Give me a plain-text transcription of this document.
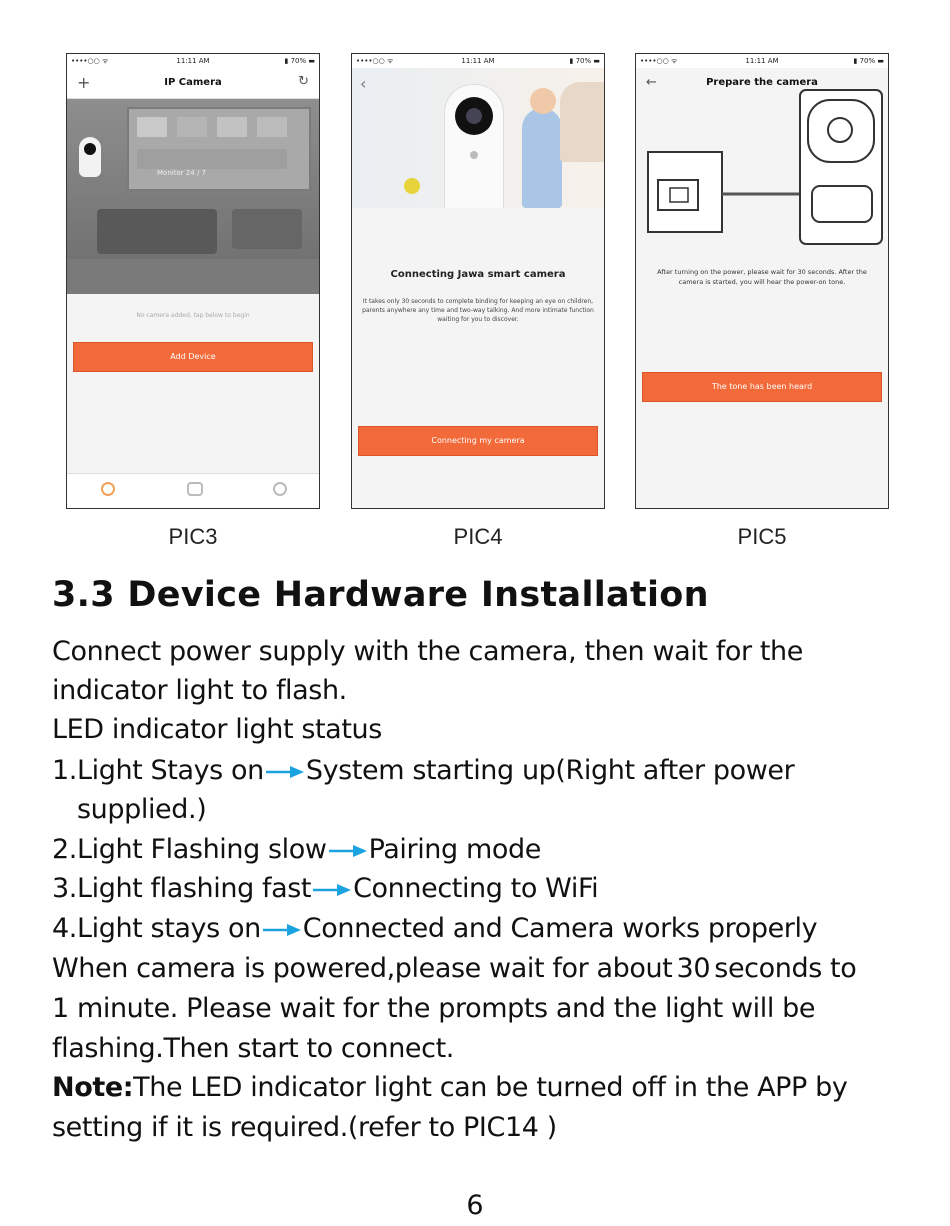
••••○○ ᯤ	11:11 AM	▮ 70% ▬
+	IP Camera	↻
Monitor 24 / 7
No camera added, tap below to begin
Add Device
••••○○ ᯤ	11:11 AM	▮ 70% ▬
‹
Connecting Jawa smart camera
It takes only 30 seconds to complete binding for keeping an eye on children, parents anywhere any time and two-way talking. And more intimate function waiting for you to discover.
Connecting my camera
••••○○ ᯤ	11:11 AM	▮ 70% ▬
←	Prepare the camera
After turning on the power, please wait for 30 seconds. After the camera is started, you will hear the power-on tone.
The tone has been heard
PIC3	PIC4	PIC5
3.3 Device Hardware Installation
Connect power supply with the camera, then wait for the
indicator light to flash.
LED indicator light status
1.Light Stays on System starting up(Right after power
supplied.)
2.Light Flashing slow Pairing mode
3.Light flashing fast Connecting to WiFi
4.Light stays on Connected and Camera works properly
When camera is powered,please wait for about 30 seconds to
1 minute. Please wait for the prompts and the light will be
flashing.Then start to connect.
Note:The LED indicator light can be turned off in the APP by
setting if it is required.(refer to PIC14 )
6
